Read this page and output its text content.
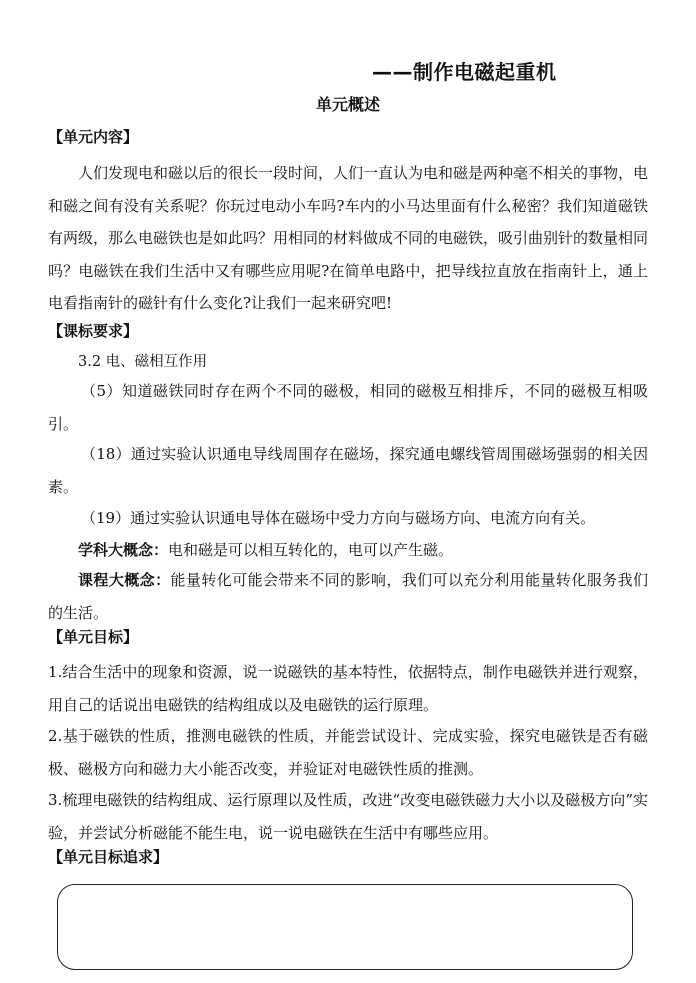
——制作电磁起重机
单元概述
【单元内容】
人们发现电和磁以后的很长一段时间，人们一直认为电和磁是两种毫不相关的事物，电和磁之间有没有关系呢？你玩过电动小车吗?车内的小马达里面有什么秘密？我们知道磁铁有两级，那么电磁铁也是如此吗？用相同的材料做成不同的电磁铁，吸引曲别针的数量相同吗？电磁铁在我们生活中又有哪些应用呢?在简单电路中，把导线拉直放在指南针上，通上电看指南针的磁针有什么变化?让我们一起来研究吧!
【课标要求】
3.2 电、磁相互作用
（5）知道磁铁同时存在两个不同的磁极，相同的磁极互相排斥，不同的磁极互相吸引。
（18）通过实验认识通电导线周围存在磁场，探究通电螺线管周围磁场强弱的相关因素。
（19）通过实验认识通电导体在磁场中受力方向与磁场方向、电流方向有关。
学科大概念：电和磁是可以相互转化的，电可以产生磁。
课程大概念：能量转化可能会带来不同的影响，我们可以充分利用能量转化服务我们的生活。
【单元目标】
1.结合生活中的现象和资源，说一说磁铁的基本特性，依据特点，制作电磁铁并进行观察，用自己的话说出电磁铁的结构组成以及电磁铁的运行原理。
2.基于磁铁的性质，推测电磁铁的性质，并能尝试设计、完成实验，探究电磁铁是否有磁极、磁极方向和磁力大小能否改变，并验证对电磁铁性质的推测。
3.梳理电磁铁的结构组成、运行原理以及性质，改进“改变电磁铁磁力大小以及磁极方向”实验，并尝试分析磁能不能生电，说一说电磁铁在生活中有哪些应用。
【单元目标追求】
